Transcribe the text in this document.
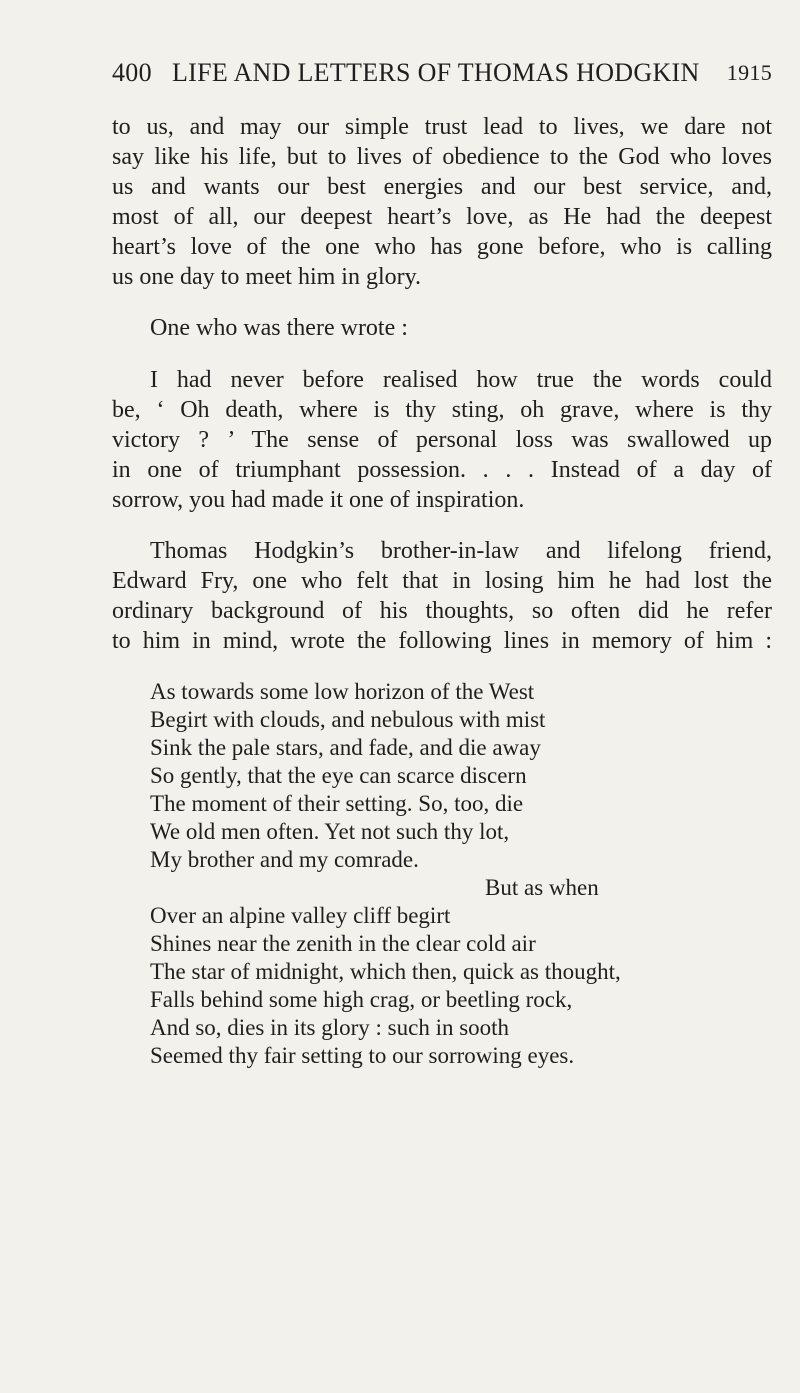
400 LIFE AND LETTERS OF THOMAS HODGKIN 1915
to us, and may our simple trust lead to lives, we dare not
say like his life, but to lives of obedience to the God who loves
us and wants our best energies and our best service, and,
most of all, our deepest heart’s love, as He had the deepest
heart’s love of the one who has gone before, who is calling
us one day to meet him in glory.
One who was there wrote :
I had never before realised how true the words could
be, ‘ Oh death, where is thy sting, oh grave, where is thy
victory ? ’ The sense of personal loss was swallowed up
in one of triumphant possession. . . . Instead of a day of
sorrow, you had made it one of inspiration.
Thomas Hodgkin’s brother-in-law and lifelong friend,
Edward Fry, one who felt that in losing him he had lost the
ordinary background of his thoughts, so often did he refer
to him in mind, wrote the following lines in memory of him :
As towards some low horizon of the West
Begirt with clouds, and nebulous with mist
Sink the pale stars, and fade, and die away
So gently, that the eye can scarce discern
The moment of their setting. So, too, die
We old men often. Yet not such thy lot,
My brother and my comrade.
But as when
Over an alpine valley cliff begirt
Shines near the zenith in the clear cold air
The star of midnight, which then, quick as thought,
Falls behind some high crag, or beetling rock,
And so, dies in its glory : such in sooth
Seemed thy fair setting to our sorrowing eyes.
